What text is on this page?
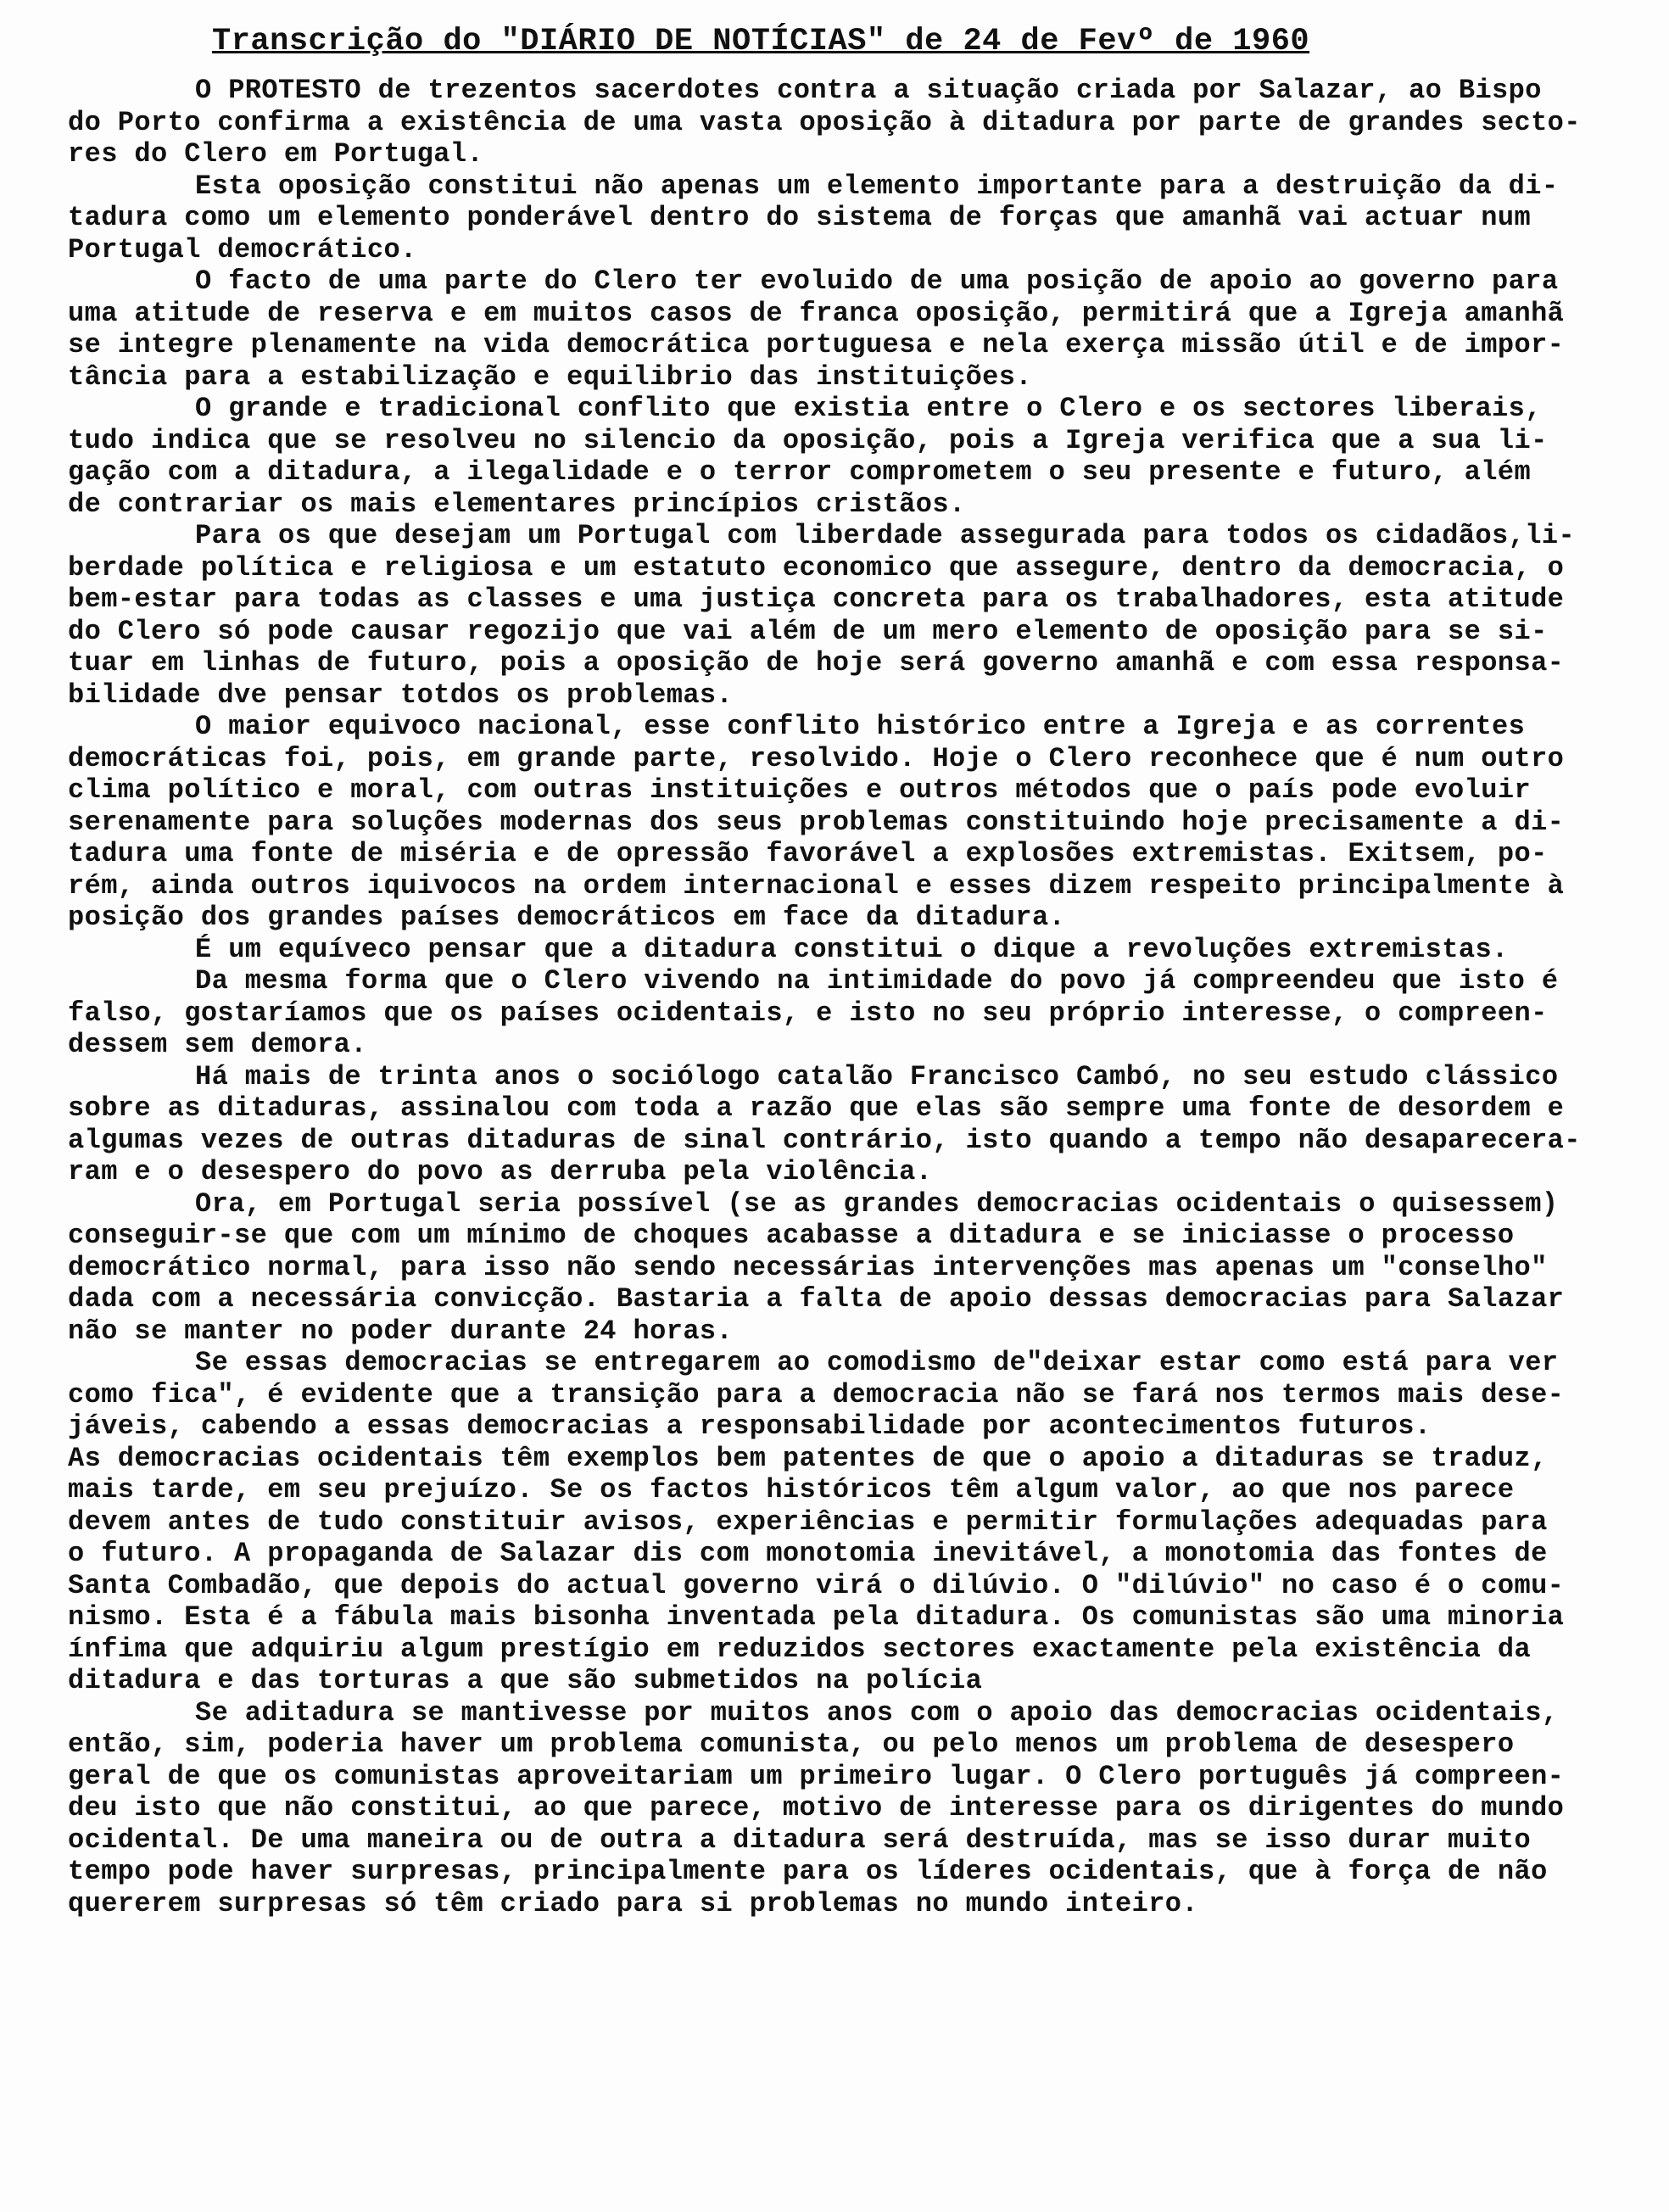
Transcrição do "DIÁRIO DE NOTÍCIAS" de 24 de Fevº de 1960

O PROTESTO de trezentos sacerdotes contra a situação criada por Salazar, ao Bispo
do Porto confirma a existência de uma vasta oposição à ditadura por parte de grandes secto-
res do Clero em Portugal.

Esta oposição constitui não apenas um elemento importante para a destruição da di-
tadura como um elemento ponderável dentro do sistema de forças que amanhã vai actuar num
Portugal democrático.

O facto de uma parte do Clero ter evoluido de uma posição de apoio ao governo para
uma atitude de reserva e em muitos casos de franca oposição, permitirá que a Igreja amanhã
se integre plenamente na vida democrática portuguesa e nela exerça missão útil e de impor-
tância para a estabilização e equilibrio das instituições.

O grande e tradicional conflito que existia entre o Clero e os sectores liberais,
tudo indica que se resolveu no silencio da oposição, pois a Igreja verifica que a sua li-
gação com a ditadura, a ilegalidade e o terror comprometem o seu presente e futuro, além
de contrariar os mais elementares princípios cristãos.

Para os que desejam um Portugal com liberdade assegurada para todos os cidadãos,li-
berdade política e religiosa e um estatuto economico que assegure, dentro da democracia, o
bem-estar para todas as classes e uma justiça concreta para os trabalhadores, esta atitude
do Clero só pode causar regozijo que vai além de um mero elemento de oposição para se si-
tuar em linhas de futuro, pois a oposição de hoje será governo amanhã e com essa responsa-
bilidade dve pensar totdos os problemas.

O maior equivoco nacional, esse conflito histórico entre a Igreja e as correntes
democráticas foi, pois, em grande parte, resolvido. Hoje o Clero reconhece que é num outro
clima político e moral, com outras instituições e outros métodos que o país pode evoluir
serenamente para soluções modernas dos seus problemas constituindo hoje precisamente a di-
tadura uma fonte de miséria e de opressão favorável a explosões extremistas. Exitsem, po-
rém, ainda outros iquivocos na ordem internacional e esses dizem respeito principalmente à
posição dos grandes países democráticos em face da ditadura.

É um equíveco pensar que a ditadura constitui o dique a revoluções extremistas.

Da mesma forma que o Clero vivendo na intimidade do povo já compreendeu que isto é
falso, gostaríamos que os países ocidentais, e isto no seu próprio interesse, o compreen-
dessem sem demora.

Há mais de trinta anos o sociólogo catalão Francisco Cambó, no seu estudo clássico
sobre as ditaduras, assinalou com toda a razão que elas são sempre uma fonte de desordem e
algumas vezes de outras ditaduras de sinal contrário, isto quando a tempo não desaparecera-
ram e o desespero do povo as derruba pela violência.

Ora, em Portugal seria possível (se as grandes democracias ocidentais o quisessem)
conseguir-se que com um mínimo de choques acabasse a ditadura e se iniciasse o processo
democrático normal, para isso não sendo necessárias intervenções mas apenas um "conselho"
dada com a necessária convicção. Bastaria a falta de apoio dessas democracias para Salazar
não se manter no poder durante 24 horas.

Se essas democracias se entregarem ao comodismo de"deixar estar como está para ver
como fica", é evidente que a transição para a democracia não se fará nos termos mais dese-
jáveis, cabendo a essas democracias a responsabilidade por acontecimentos futuros.

As democracias ocidentais têm exemplos bem patentes de que o apoio a ditaduras se traduz,
mais tarde, em seu prejuízo. Se os factos históricos têm algum valor, ao que nos parece
devem antes de tudo constituir avisos, experiências e permitir formulações adequadas para
o futuro. A propaganda de Salazar dis com monotomia inevitável, a monotomia das fontes de
Santa Combadão, que depois do actual governo virá o dilúvio. O "dilúvio" no caso é o comu-
nismo. Esta é a fábula mais bisonha inventada pela ditadura. Os comunistas são uma minoria
ínfima que adquiriu algum prestígio em reduzidos sectores exactamente pela existência da
ditadura e das torturas a que são submetidos na polícia

Se aditadura se mantivesse por muitos anos com o apoio das democracias ocidentais,
então, sim, poderia haver um problema comunista, ou pelo menos um problema de desespero
geral de que os comunistas aproveitariam um primeiro lugar. O Clero português já compreen-
deu isto que não constitui, ao que parece, motivo de interesse para os dirigentes do mundo
ocidental. De uma maneira ou de outra a ditadura será destruída, mas se isso durar muito
tempo pode haver surpresas, principalmente para os líderes ocidentais, que à força de não
quererem surpresas só têm criado para si problemas no mundo inteiro.
